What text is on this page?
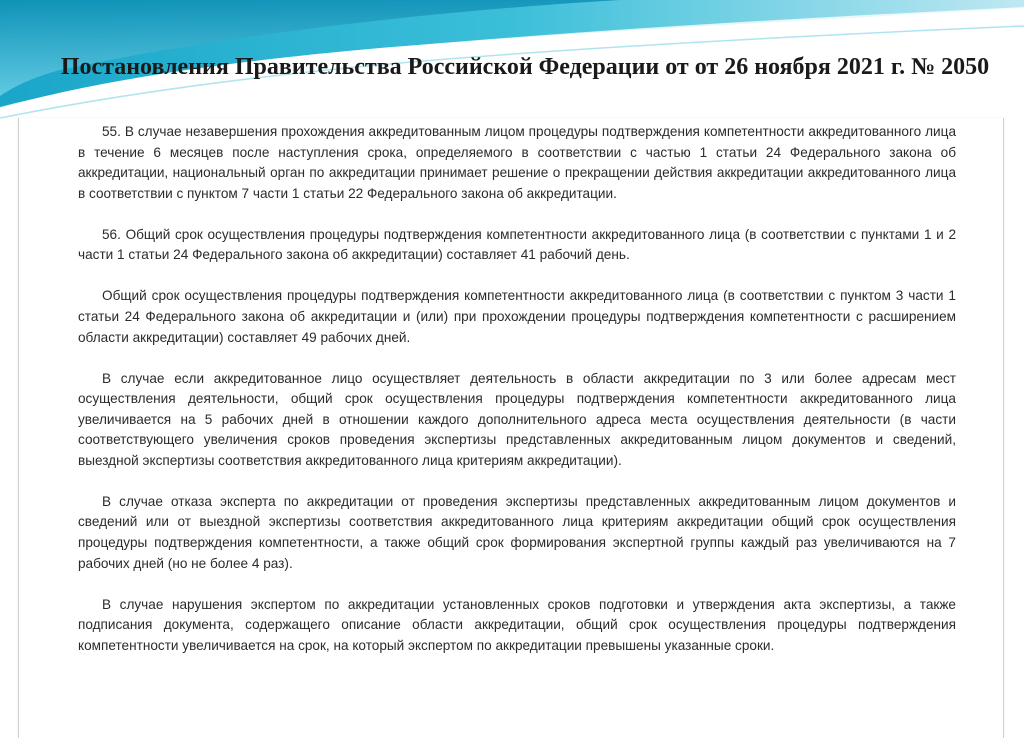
Постановления Правительства Российской Федерации от от 26 ноября 2021 г. № 2050

55. В случае незавершения прохождения аккредитованным лицом процедуры подтверждения компетентности аккредитованного лица в течение 6 месяцев после наступления срока, определяемого в соответствии с частью 1 статьи 24 Федерального закона об аккредитации, национальный орган по аккредитации принимает решение о прекращении действия аккредитации аккредитованного лица в соответствии с пунктом 7 части 1 статьи 22 Федерального закона об аккредитации.

56. Общий срок осуществления процедуры подтверждения компетентности аккредитованного лица (в соответствии с пунктами 1 и 2 части 1 статьи 24 Федерального закона об аккредитации) составляет 41 рабочий день.

Общий срок осуществления процедуры подтверждения компетентности аккредитованного лица (в соответствии с пунктом 3 части 1 статьи 24 Федерального закона об аккредитации и (или) при прохождении процедуры подтверждения компетентности с расширением области аккредитации) составляет 49 рабочих дней.

В случае если аккредитованное лицо осуществляет деятельность в области аккредитации по 3 или более адресам мест осуществления деятельности, общий срок осуществления процедуры подтверждения компетентности аккредитованного лица увеличивается на 5 рабочих дней в отношении каждого дополнительного адреса места осуществления деятельности (в части соответствующего увеличения сроков проведения экспертизы представленных аккредитованным лицом документов и сведений, выездной экспертизы соответствия аккредитованного лица критериям аккредитации).

В случае отказа эксперта по аккредитации от проведения экспертизы представленных аккредитованным лицом документов и сведений или от выездной экспертизы соответствия аккредитованного лица критериям аккредитации общий срок осуществления процедуры подтверждения компетентности, а также общий срок формирования экспертной группы каждый раз увеличиваются на 7 рабочих дней (но не более 4 раз).

В случае нарушения экспертом по аккредитации установленных сроков подготовки и утверждения акта экспертизы, а также подписания документа, содержащего описание области аккредитации, общий срок осуществления процедуры подтверждения компетентности увеличивается на срок, на который экспертом по аккредитации превышены указанные сроки.
